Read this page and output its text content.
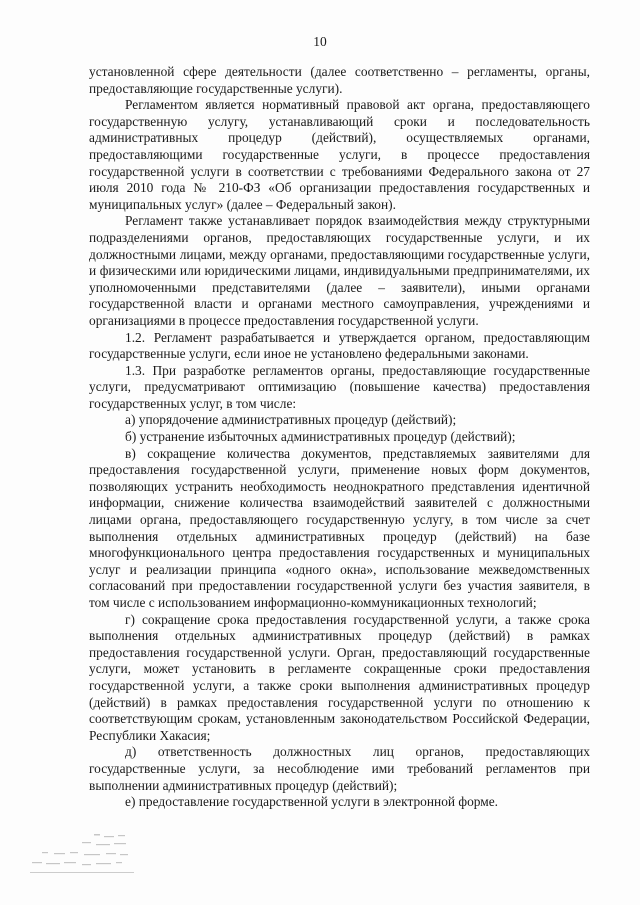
10

установленной сфере деятельности (далее соответственно – регламенты, органы, предоставляющие государственные услуги).

Регламентом является нормативный правовой акт органа, предоставляющего государственную услугу, устанавливающий сроки и последовательность административных процедур (действий), осуществляемых органами, предоставляющими государственные услуги, в процессе предоставления государственной услуги в соответствии с требованиями Федерального закона от 27 июля 2010 года № 210-ФЗ «Об организации предоставления государственных и муниципальных услуг» (далее – Федеральный закон).

Регламент также устанавливает порядок взаимодействия между структурными подразделениями органов, предоставляющих государственные услуги, и их должностными лицами, между органами, предоставляющими государственные услуги, и физическими или юридическими лицами, индивидуальными предпринимателями, их уполномоченными представителями (далее – заявители), иными органами государственной власти и органами местного самоуправления, учреждениями и организациями в процессе предоставления государственной услуги.

1.2. Регламент разрабатывается и утверждается органом, предоставляющим государственные услуги, если иное не установлено федеральными законами.

1.3. При разработке регламентов органы, предоставляющие государственные услуги, предусматривают оптимизацию (повышение качества) предоставления государственных услуг, в том числе:

а) упорядочение административных процедур (действий);

б) устранение избыточных административных процедур (действий);

в) сокращение количества документов, представляемых заявителями для предоставления государственной услуги, применение новых форм документов, позволяющих устранить необходимость неоднократного представления идентичной информации, снижение количества взаимодействий заявителей с должностными лицами органа, предоставляющего государственную услугу, в том числе за счет выполнения отдельных административных процедур (действий) на базе многофункционального центра предоставления государственных и муниципальных услуг и реализации принципа «одного окна», использование межведомственных согласований при предоставлении государственной услуги без участия заявителя, в том числе с использованием информационно-коммуникационных технологий;

г) сокращение срока предоставления государственной услуги, а также срока выполнения отдельных административных процедур (действий) в рамках предоставления государственной услуги. Орган, предоставляющий государственные услуги, может установить в регламенте сокращенные сроки предоставления государственной услуги, а также сроки выполнения административных процедур (действий) в рамках предоставления государственной услуги по отношению к соответствующим срокам, установленным законодательством Российской Федерации, Республики Хакасия;

д) ответственность должностных лиц органов, предоставляющих государственные услуги, за несоблюдение ими требований регламентов при выполнении административных процедур (действий);

е) предоставление государственной услуги в электронной форме.
